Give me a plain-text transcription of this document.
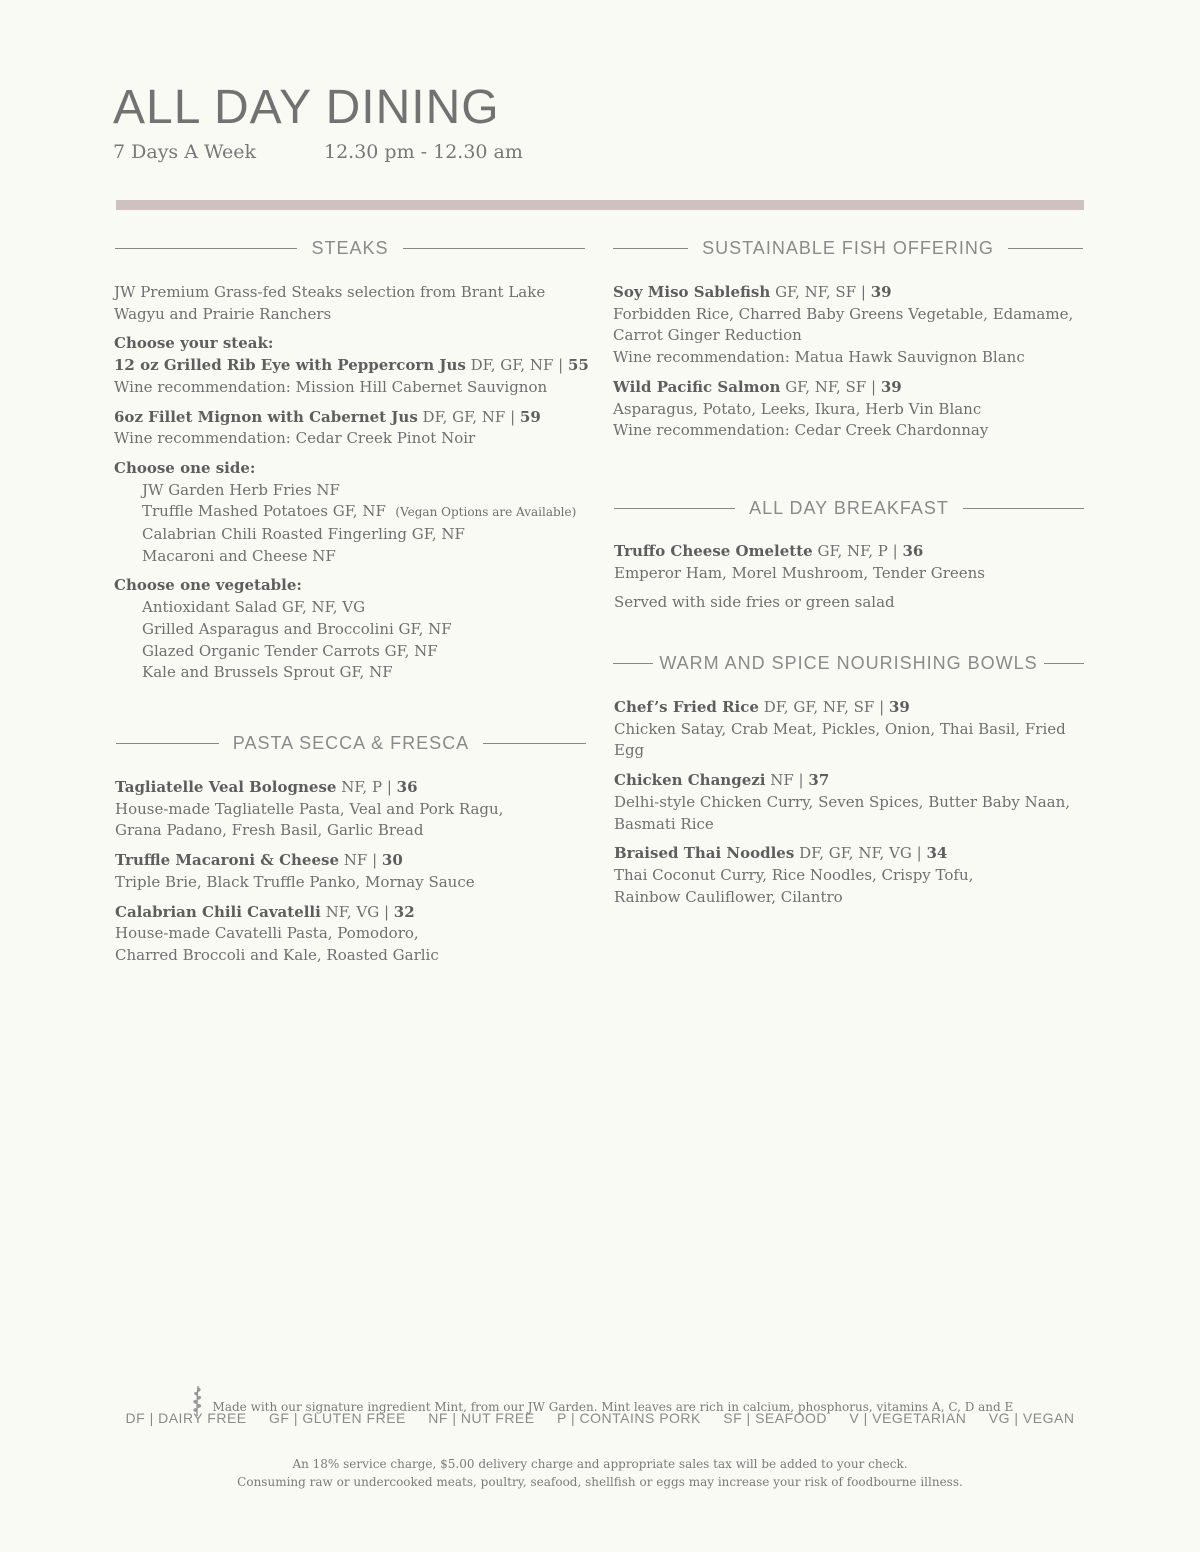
ALL DAY DINING
7 Days A Week	12.30 pm - 12.30 am
STEAKS

JW Premium Grass-fed Steaks selection from Brant Lake Wagyu and Prairie Ranchers

Choose your steak:

12 oz Grilled Rib Eye with Peppercorn Jus DF, GF, NF | 55

Wine recommendation: Mission Hill Cabernet Sauvignon

6oz Fillet Mignon with Cabernet Jus DF, GF, NF | 59

Wine recommendation: Cedar Creek Pinot Noir

Choose one side:

JW Garden Herb Fries NF

Truffle Mashed Potatoes GF, NF (Vegan Options are Available)

Calabrian Chili Roasted Fingerling GF, NF

Macaroni and Cheese NF

Choose one vegetable:

Antioxidant Salad GF, NF, VG

Grilled Asparagus and Broccolini GF, NF

Glazed Organic Tender Carrots GF, NF

Kale and Brussels Sprout GF, NF

PASTA SECCA & FRESCA

Tagliatelle Veal Bolognese NF, P | 36

House-made Tagliatelle Pasta, Veal and Pork Ragu,

Grana Padano, Fresh Basil, Garlic Bread

Truffle Macaroni & Cheese NF | 30

Triple Brie, Black Truffle Panko, Mornay Sauce

Calabrian Chili Cavatelli NF, VG | 32

House-made Cavatelli Pasta, Pomodoro,

Charred Broccoli and Kale, Roasted Garlic

SUSTAINABLE FISH OFFERING

Soy Miso Sablefish GF, NF, SF | 39

Forbidden Rice, Charred Baby Greens Vegetable, Edamame,

Carrot Ginger Reduction

Wine recommendation: Matua Hawk Sauvignon Blanc

Wild Pacific Salmon GF, NF, SF | 39

Asparagus, Potato, Leeks, Ikura, Herb Vin Blanc

Wine recommendation: Cedar Creek Chardonnay

ALL DAY BREAKFAST

Truffo Cheese Omelette GF, NF, P | 36

Emperor Ham, Morel Mushroom, Tender Greens

Served with side fries or green salad

WARM AND SPICE NOURISHING BOWLS

Chef’s Fried Rice DF, GF, NF, SF | 39

Chicken Satay, Crab Meat, Pickles, Onion, Thai Basil, Fried Egg

Chicken Changezi NF | 37

Delhi-style Chicken Curry, Seven Spices, Butter Baby Naan,

Basmati Rice

Braised Thai Noodles DF, GF, NF, VG | 34

Thai Coconut Curry, Rice Noodles, Crispy Tofu,

Rainbow Cauliflower, Cilantro

Made with our signature ingredient Mint, from our JW Garden. Mint leaves are rich in calcium, phosphorus, vitamins A, C, D and E
DF | DAIRY FREE GF | GLUTEN FREE NF | NUT FREE P | CONTAINS PORK SF | SEAFOOD V | VEGETARIAN VG | VEGAN

An 18% service charge, $5.00 delivery charge and appropriate sales tax will be added to your check.

Consuming raw or undercooked meats, poultry, seafood, shellfish or eggs may increase your risk of foodbourne illness.
